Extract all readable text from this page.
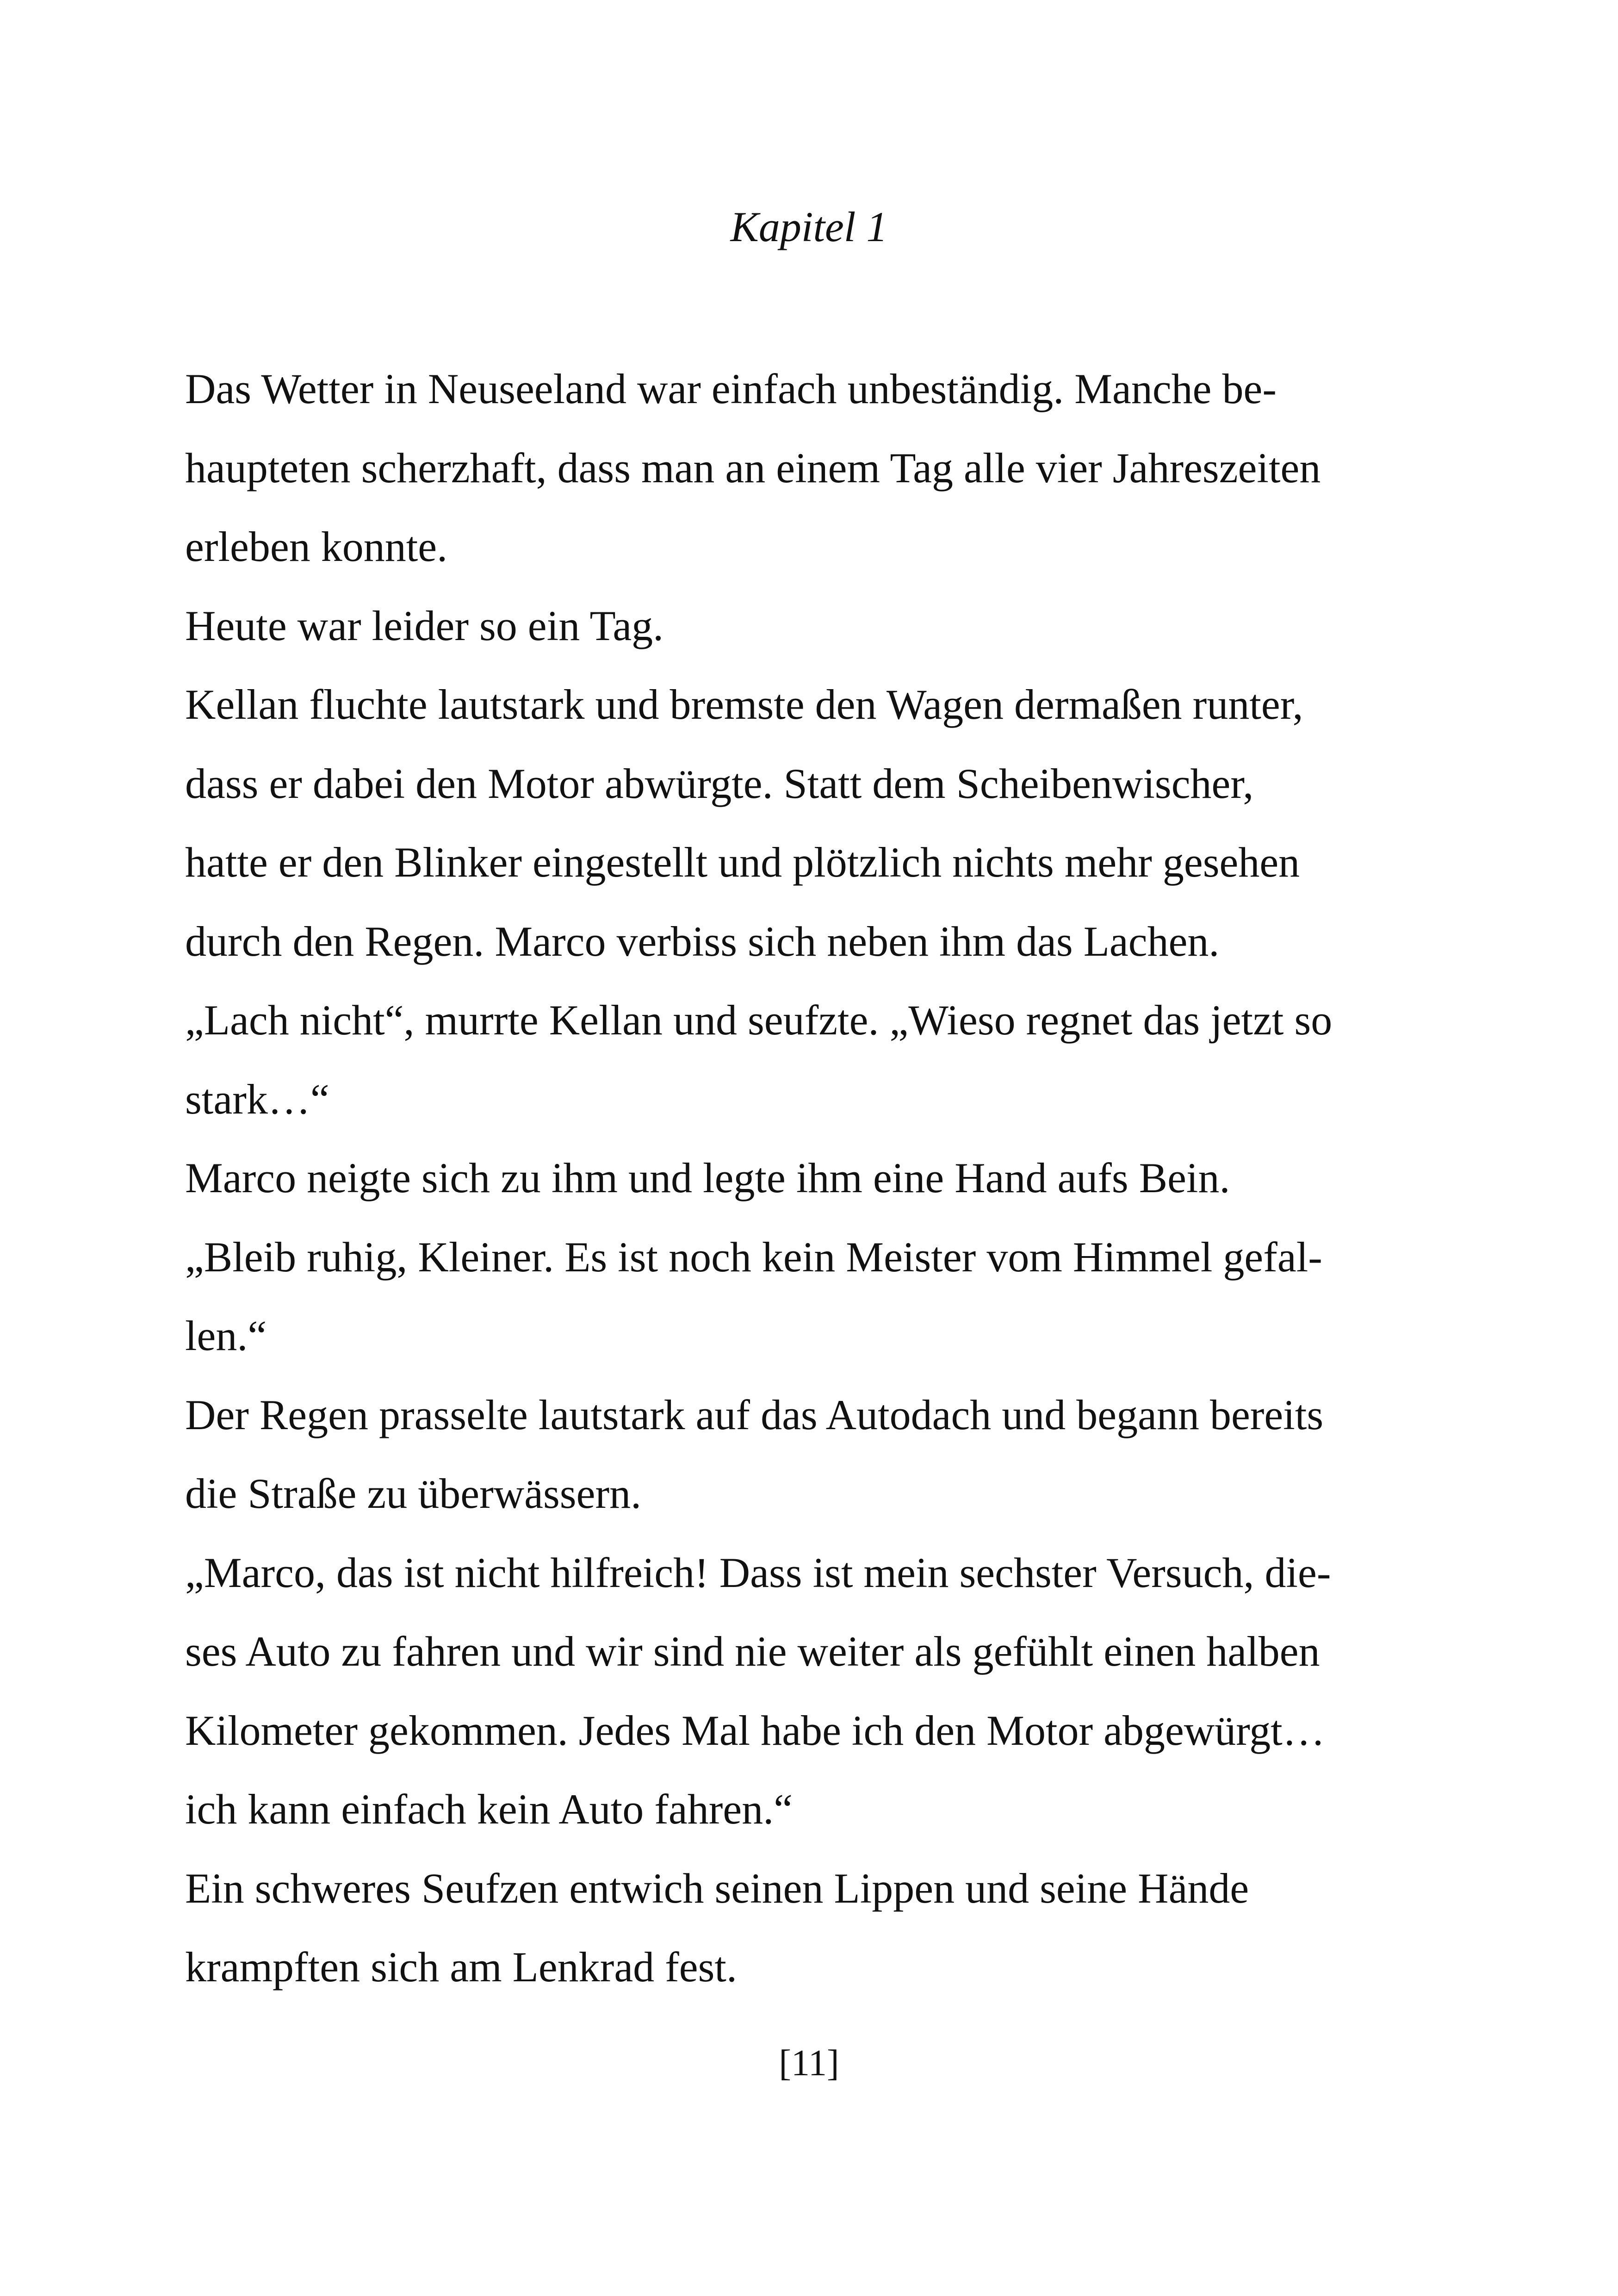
Kapitel 1
Das Wetter in Neuseeland war einfach unbeständig. Manche be-
haupteten scherzhaft, dass man an einem Tag alle vier Jahreszeiten
erleben konnte.
Heute war leider so ein Tag.
Kellan fluchte lautstark und bremste den Wagen dermaßen runter,
dass er dabei den Motor abwürgte. Statt dem Scheibenwischer,
hatte er den Blinker eingestellt und plötzlich nichts mehr gesehen
durch den Regen. Marco verbiss sich neben ihm das Lachen.
„Lach nicht“, murrte Kellan und seufzte. „Wieso regnet das jetzt so
stark…“
Marco neigte sich zu ihm und legte ihm eine Hand aufs Bein.
„Bleib ruhig, Kleiner. Es ist noch kein Meister vom Himmel gefal-
len.“
Der Regen prasselte lautstark auf das Autodach und begann bereits
die Straße zu überwässern.
„Marco, das ist nicht hilfreich! Dass ist mein sechster Versuch, die-
ses Auto zu fahren und wir sind nie weiter als gefühlt einen halben
Kilometer gekommen. Jedes Mal habe ich den Motor abgewürgt…
ich kann einfach kein Auto fahren.“
Ein schweres Seufzen entwich seinen Lippen und seine Hände
krampften sich am Lenkrad fest.
[11]
